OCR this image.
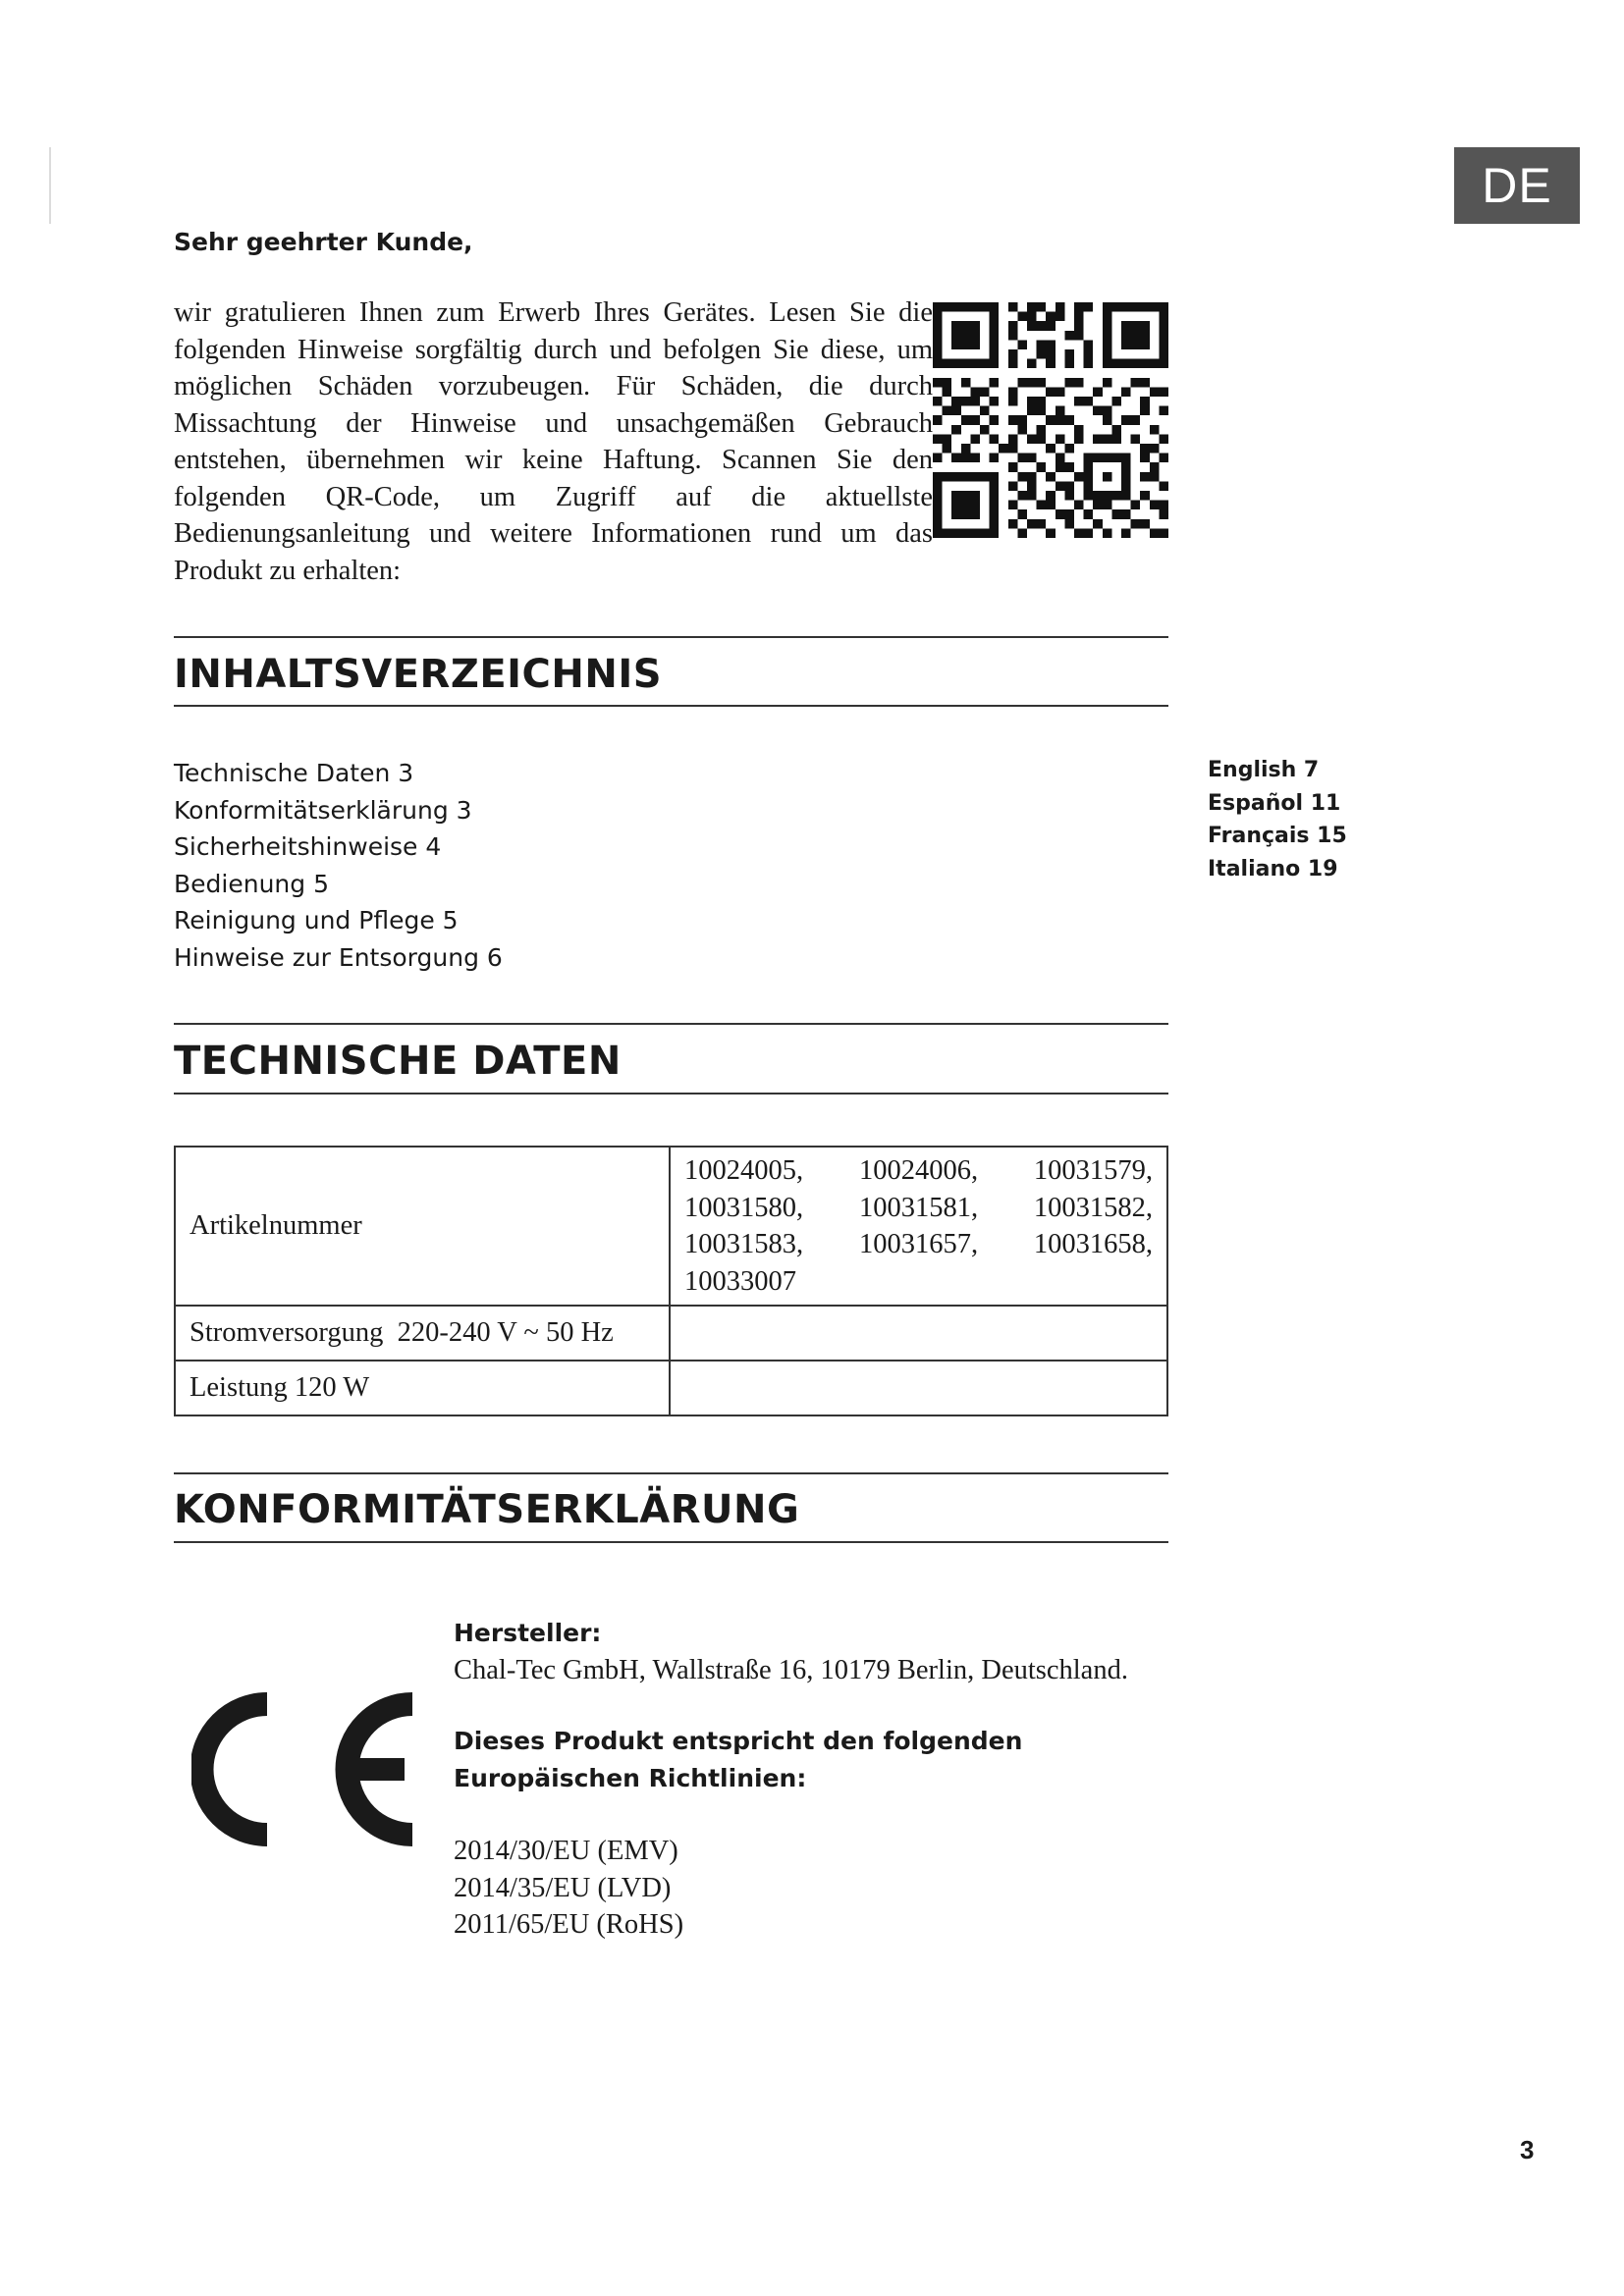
DE
Sehr geehrter Kunde,

wir gratulieren Ihnen zum Erwerb Ihres Gerätes. Lesen Sie die folgenden Hinweise sorgfältig durch und befolgen Sie diese, um möglichen Schäden vorzubeugen. Für Schäden, die durch Missachtung der Hinweise und unsachgemäßen Gebrauch entstehen, übernehmen wir keine Haftung. Scannen Sie den folgenden QR-Code, um Zugriff auf die aktuellste Bedienungsanleitung und weitere Informationen rund um das Produkt zu erhalten:

INHALTSVERZEICHNIS
Technische Daten 3
Konformitätserklärung 3
Sicherheitshinweise 4
Bedienung 5
Reinigung und Pflege 5
Hinweise zur Entsorgung 6
English 7
Español 11
Français 15
Italiano 19
TECHNISCHE DATEN
Artikelnummer	10024005, 10024006, 10031579, 10031580, 10031581, 10031582, 10031583, 10031657, 10031658, 10033007
Stromversorgung  220-240 V ~ 50 Hz	
Leistung 120 W	
KONFORMITÄTSERKLÄRUNG

Hersteller:

Chal-Tec GmbH, Wallstraße 16, 10179 Berlin, Deutschland.

Dieses Produkt entspricht den folgenden Europäischen Richtlinien:

2014/30/EU (EMV)
2014/35/EU (LVD)
2011/65/EU (RoHS)
3
